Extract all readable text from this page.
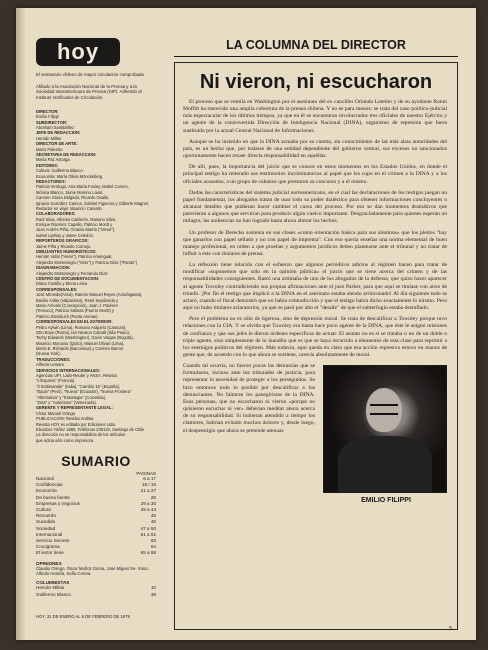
hoy
El semanario chileno de mayor circulación comprobada
Afiliado a la Asociación Nacional de la Prensa y a la Sociedad Interamericana de Prensa (SIP). Adherido al Instituto Verificador de Circulación
DIRECTOR:
Emilio Filippi
SUBDIRECTOR:
Abraham Santibáñez
JEFE DE REDACCION:
Hernán Millas
DIRECTOR DE ARTE:
Mario Palestro
SECRETARIA DE REDACCION:
María Paz Astorga
EDITORES:
Cultura: Guillermo Blanco
Economía: María Olivia Mönckeberg
REDACTORES:
Patricia Verdugo, Ana María Foxley, Mabel Cornes,
Mónica Blanco, Jaime Moreno Laval,
Carmen Gloria Delgado, Ricardo Ovalle,
Ignacio González Camus, Gabriel Figueroa y Gilberte Magnet.
Redactor en viaje: Mauricio Carvallo
COLABORADORES:
Raúl Silva, Alfonso Calderón, Mariano Silva,
Enrique Ramírez Capello, Patricio Montt y
Juan Andrés Piña, Octavio Martín ("Omar"),
Isabel Lipthay y Jaime Celedón.
REPORTEROS GRAFICOS:
Jaime Piña y Ricardo Cornejo.
DIBUJANTES HUMORISTICOS:
Hernán Vidal ("Hervi"), Patricio Amengual,
Alejandro Montenegro ("Mon") y Patricio Díaz ("Pando")
DIAGRAMACION:
Alejandro Montenegro y Fernando Díaz
CENTRO DE DOCUMENTACION:
Diana Castillo y Elena Leiva
CORRESPONSALES:
José Miranda(Arica), Ramón Manuel Reyes (Antofagasta),
Basilio Aslán (Valparaíso), René Sepúlveda y
Mario Arévalo (Concepción), Juan J. Paulsen
(Temuco), Patricio Salinas (Puerto Montt) y
Patricio Steinbuch (Punta Arenas).
CORRESPONSALES EN EL EXTERIOR:
Pedro Aylwin (Lima), Romano Arajuelo (Caracas),
Otto Boye (Roma), Ian Newton Cabrall (São Paulo),
Techy Edwards (Washington), Gavin Vargas (Bogotá),
Mauricio Morosso (Quito), Manuel Olivari (Lima),
María E. Richards (Barcelona) y Carmen Barros
(Nueva York).
TRADUCCIONES:
Alfredo Lemare
SERVICIOS INTERNACIONALES:
Agencias UPI, Latin-Reuter y ANSA. Revista
"L'Express" (Francia).
"Il Settimanale" (Italia), "Cambio 16" (España),
"Equis" (Perú), "Nueva" (Ecuador), "Nueva Frontera"
"Alternativa" y "Estrategia" (Colombia),
"Zeta" y "Autorismo" (Venezuela).
GERENTE Y REPRESENTANTE LEGAL:
Víctor Manuel Ortega
PUBLICACION: Revista Andina
Revista HOY es editada por Ediciones Ltda.
Eleodoro Yáñez 1880, Teléfonos 236133, Santiago de Chile
La dirección no se responsabiliza de los artículos
que actúa sólo como impresora.
SUMARIO
PAGINAS
Nacional	6 a 17
Confidencias	18 / 19
Economía	21 a 27
De buena fuente	28
Empresas y negocios	29 a 30
Cultura	39 a 44
Recuerdo	45
Sucedido	46
Sociedad	47 a 50
Internacional	51 a 61
Servicio Secreto	63
Crucigrama	64
El lector tiene	65 a 66
OPINIONES
Claudio Orrego, Óscar Muñoz Goma, José Miguel Se- rrano, Alfredo Heraña, Sofía Correa.
COLUMNISTAS
Hernán Millas	10
Guillermo Blanco	38
HOY, 31 DE ENERO AL 6 DE FEBRERO DE 1979
LA COLUMNA DEL DIRECTOR
Ni vieron, ni escucharon

El proceso que se ventila en Washington por el asesinato del ex canciller Orlando Letelier y de su ayudante Ronni Moffitt ha merecido una amplia cobertura de la prensa chilena. Y no es para menos: se trata del caso político-judicial más espectacular de los últimos tiempos, ya que en él se encuentran involucrados tres oficiales de nuestro Ejército y un agente de la controvertida Dirección de Inteligencia Nacional (DINA), organismo de represión que fuera sustituido por la actual Central Nacional de Informaciones.

Aunque se ha insistido en que la DINA actuaba por su cuenta, sin conocimiento de las más altas autoridades del país, es un hecho que, por tratarse de una entidad dependiente del gobierno central, sus excesos no sancionados oportunamente hacen recaer directa responsabilidad en aquéllas.

De allí, pues, la importancia del juicio que se conoce en estos momentos en los Estados Unidos, en donde el principal testigo ha reiterado sus testimonios incriminatorios al papel que les cupo en el crimen a la DINA y a los oficiales acusados, a un grupo de cubanos que prestaron su concurso y a él mismo.

Dadas las características del sistema judicial norteamericano, en el cual las declaraciones de los testigos juegan un papel fundamental, los abogados tratan de usar todo su poder dialéctico para obtener informaciones concluyentes o alcanzar detalles que pudieran hacer cambiar el curso del proceso. Por eso se dan momentos dramáticos que parecieran a algunos que servirían para producir algún vuelco importante. Desgraciadamente para quienes esperan un milagro, las audiencias no han logrado hasta ahora alterar los hechos.

Un profesor de Derecho sostenía en sus clases «como orientación básica para sus alumnos» que los pleitos "hay que ganarlos con papel sellado y no con papel de imprenta". Con eso quería enseñar una norma elemental de buen manejo profesional, en orden a que pruebas y argumentos jurídicos deben plantearse ante el tribunal y no tratar de influir a éste con titulares de prensa.

La reflexión tiene relación con el esfuerzo que algunos periódicos adictos al régimen hacen para tratar de modificar «suponemos que sólo en la opinión pública» el juicio que se tiene acerca del crimen y de las responsabilidades consiguientes. Bastó una artimaña de uno de los abogados de la defensa, que quiso hacer aparecer al agente Townley contradiciendo sus propias afirmaciones ante el juez Parker, para que aquí se titulase con aires de triunfo. ¡Por fin el testigo que implicó a la DINA en el asesinato estaba siendo arrinconado! Al día siguiente todo se aclaró, cuando el fiscal demostró que no había contradicción y que el testigo había dicho exactamente lo mismo. Pero aquí no hubo titulares aclaratorios, ya que se pasó por alto el "detalle" de que el subterfugio estaba desinflado.

Pero el problema no es sólo de ligereza, sino de depresión moral. Se trata de descalificar a Townley porque tuvo relaciones con la CIA. Y se olvida que Townley era hasta hace poco agente de la DINA, que éste le asignó misiones de confianza y que sus jefes le dieron órdenes específicas de actuar. El asunto no es si se trataba o no de un doble o triple agente, sino simplemente de lo inaudito que es que se haya recurrido a elementos de esta clase para reprimir a los enemigos políticos del régimen. Más todavía, aquí queda en claro que esa acción represiva estuvo en manos de gente que, de acuerdo con lo que ahora se sostiene, carecía absolutamente de moral.

Cuando tal ocurría, no fueron pocas las denuncias que se formularon, incluso ante los tribunales de justicia, para representar la necesidad de proteger a los perseguidos. Se hizo entonces todo lo posible por descalificar a los denunciantes. No faltaron los panegiristas de la DINA. Esos personas, que no escucharon ni vieron «porque no quisieron escuchar ni ver» deberían meditar ahora acerca de su responsabilidad. Si hubieran atendido a tiempo los clamores, habrían evitado muchos dolores y, desde luego, el desprestigio que ahora se pretende atenuar.
EMILIO FILIPPI
5
